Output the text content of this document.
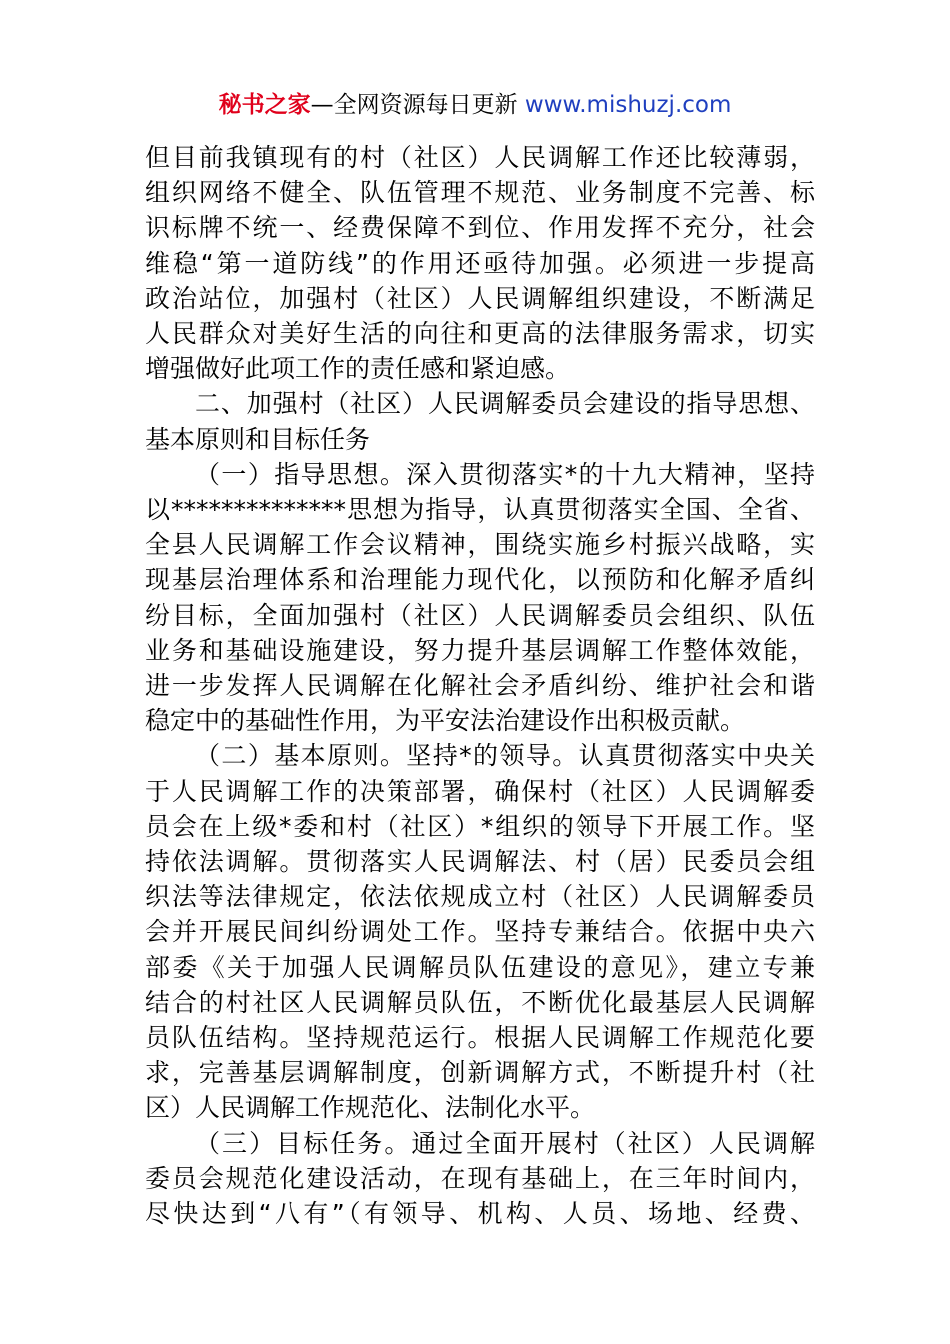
秘书之家—全网资源每日更新 www.mishuzj.com

但目前我镇现有的村（社区）人民调解工作还比较薄弱，
组织网络不健全、队伍管理不规范、业务制度不完善、标
识标牌不统一、经费保障不到位、作用发挥不充分，社会
维稳“第一道防线”的作用还亟待加强。必须进一步提高
政治站位，加强村（社区）人民调解组织建设，不断满足
人民群众对美好生活的向往和更高的法律服务需求，切实
增强做好此项工作的责任感和紧迫感。

二、加强村（社区）人民调解委员会建设的指导思想、
基本原则和目标任务

（一）指导思想。深入贯彻落实*的十九大精神，坚持
以**************思想为指导，认真贯彻落实全国、全省、
全县人民调解工作会议精神，围绕实施乡村振兴战略，实
现基层治理体系和治理能力现代化，以预防和化解矛盾纠
纷目标，全面加强村（社区）人民调解委员会组织、队伍
业务和基础设施建设，努力提升基层调解工作整体效能，
进一步发挥人民调解在化解社会矛盾纠纷、维护社会和谐
稳定中的基础性作用，为平安法治建设作出积极贡献。

（二）基本原则。坚持*的领导。认真贯彻落实中央关
于人民调解工作的决策部署，确保村（社区）人民调解委
员会在上级*委和村（社区）*组织的领导下开展工作。坚
持依法调解。贯彻落实人民调解法、村（居）民委员会组
织法等法律规定，依法依规成立村（社区）人民调解委员
会并开展民间纠纷调处工作。坚持专兼结合。依据中央六
部委《关于加强人民调解员队伍建设的意见》，建立专兼
结合的村社区人民调解员队伍，不断优化最基层人民调解
员队伍结构。坚持规范运行。根据人民调解工作规范化要
求，完善基层调解制度，创新调解方式，不断提升村（社
区）人民调解工作规范化、法制化水平。

（三）目标任务。通过全面开展村（社区）人民调解
委员会规范化建设活动，在现有基础上，在三年时间内，
尽快达到“八有”（有领导、机构、人员、场地、经费、
